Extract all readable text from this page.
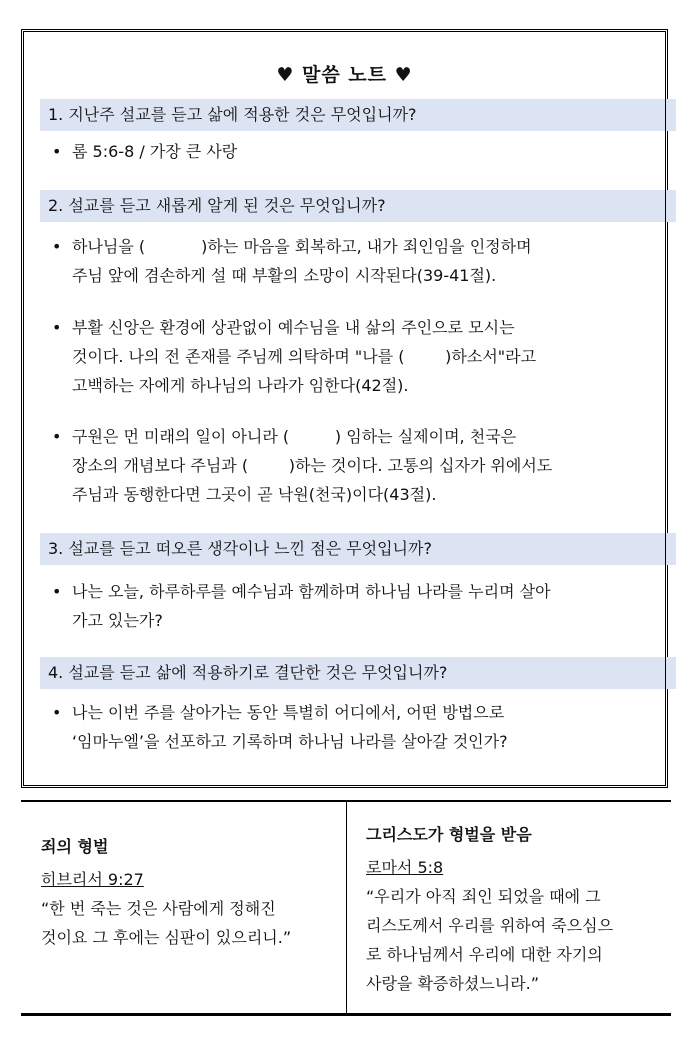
♥ 말씀 노트 ♥
1. 지난주 설교를 듣고 삶에 적용한 것은 무엇입니까?
• 롬 5:6-8 / 가장 큰 사랑
2. 설교를 듣고 새롭게 알게 된 것은 무엇입니까?
• 하나님을 (           )하는 마음을 회복하고, 내가 죄인임을 인정하며
주님 앞에 겸손하게 설 때 부활의 소망이 시작된다(39-41절).
• 부활 신앙은 환경에 상관없이 예수님을 내 삶의 주인으로 모시는
것이다. 나의 전 존재를 주님께 의탁하며 "나를 (        )하소서"라고
고백하는 자에게 하나님의 나라가 임한다(42절).
• 구원은 먼 미래의 일이 아니라 (         ) 임하는 실제이며, 천국은
장소의 개념보다 주님과 (        )하는 것이다. 고통의 십자가 위에서도
주님과 동행한다면 그곳이 곧 낙원(천국)이다(43절).
3. 설교를 듣고 떠오른 생각이나 느낀 점은 무엇입니까?
• 나는 오늘, 하루하루를 예수님과 함께하며 하나님 나라를 누리며 살아
가고 있는가?
4. 설교를 듣고 삶에 적용하기로 결단한 것은 무엇입니까?
• 나는 이번 주를 살아가는 동안 특별히 어디에서, 어떤 방법으로
‘임마누엘’을 선포하고 기록하며 하나님 나라를 살아갈 것인가?
죄의 형벌
히브리서 9:27
“한 번 죽는 것은 사람에게 정해진
것이요 그 후에는 심판이 있으리니.”
그리스도가 형벌을 받음
로마서 5:8
“우리가 아직 죄인 되었을 때에 그
리스도께서 우리를 위하여 죽으심으
로 하나님께서 우리에 대한 자기의
사랑을 확증하셨느니라.”
